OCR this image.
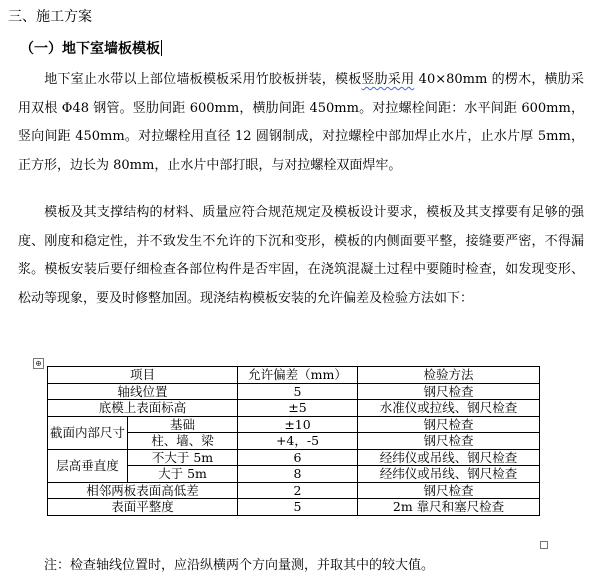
三、施工方案
（一）地下室墙板模板
地下室止水带以上部位墙板模板采用竹胶板拼装，模板竖肋采用 40×80mm 的楞木，横肋采用双根 Φ48 钢管。竖肋间距 600mm，横肋间距 450mm。对拉螺栓间距：水平间距 600mm，竖向间距 450mm。对拉螺栓用直径 12 圆钢制成，对拉螺栓中部加焊止水片，止水片厚 5mm，正方形，边长为 80mm，止水片中部打眼，与对拉螺栓双面焊牢。
模板及其支撑结构的材料、质量应符合规范规定及模板设计要求，模板及其支撑要有足够的强度、刚度和稳定性，并不致发生不允许的下沉和变形，模板的内侧面要平整，接缝要严密，不得漏浆。模板安装后要仔细检查各部位构件是否牢固，在浇筑混凝土过程中要随时检查，如发现变形、松动等现象，要及时修整加固。现浇结构模板安装的允许偏差及检验方法如下：
⊕
项目		允许偏差（mm）	检验方法
轴线位置		5	钢尺检查
底模上表面标高		±5	水准仪或拉线、钢尺检查
截面内部尺寸	基础	±10	钢尺检查
	柱、墙、梁	+4，-5	钢尺检查
层高垂直度	不大于 5m	6	经纬仪或吊线、钢尺检查
	大于 5m	8	经纬仪或吊线、钢尺检查
相邻两板表面高低差		2	钢尺检查
表面平整度		5	2m 靠尺和塞尺检查
注：检查轴线位置时，应沿纵横两个方向量测，并取其中的较大值。
